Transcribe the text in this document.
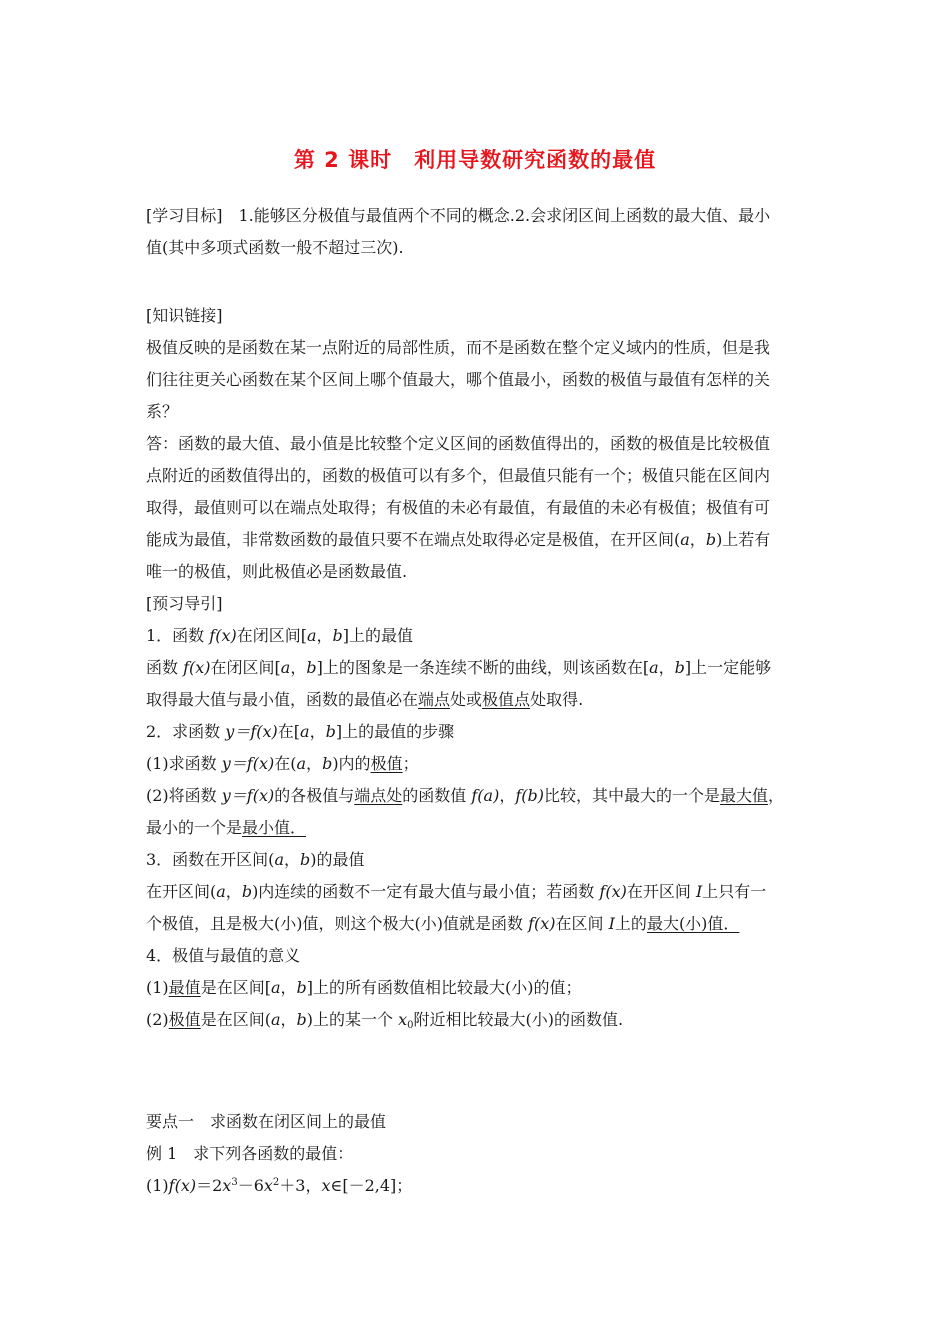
第 2 课时　利用导数研究函数的最值
[学习目标]　1.能够区分极值与最值两个不同的概念.2.会求闭区间上函数的最大值、最小
值(其中多项式函数一般不超过三次).
[知识链接]
极值反映的是函数在某一点附近的局部性质，而不是函数在整个定义域内的性质，但是我
们往往更关心函数在某个区间上哪个值最大，哪个值最小，函数的极值与最值有怎样的关
系？
答：函数的最大值、最小值是比较整个定义区间的函数值得出的，函数的极值是比较极值
点附近的函数值得出的，函数的极值可以有多个，但最值只能有一个；极值只能在区间内
取得，最值则可以在端点处取得；有极值的未必有最值，有最值的未必有极值；极值有可
能成为最值，非常数函数的最值只要不在端点处取得必定是极值，在开区间(a，b)上若有
唯一的极值，则此极值必是函数最值.
[预习导引]
1．函数 f(x)在闭区间[a，b]上的最值
函数 f(x)在闭区间[a，b]上的图象是一条连续不断的曲线，则该函数在[a，b]上一定能够
取得最大值与最小值，函数的最值必在端点处或极值点处取得.
2．求函数 y＝f(x)在[a，b]上的最值的步骤
(1)求函数 y＝f(x)在(a，b)内的极值；
(2)将函数 y＝f(x)的各极值与端点处的函数值 f(a)，f(b)比较，其中最大的一个是最大值，
最小的一个是最小值．
3．函数在开区间(a，b)的最值
在开区间(a，b)内连续的函数不一定有最大值与最小值；若函数 f(x)在开区间 I上只有一
个极值，且是极大(小)值，则这个极大(小)值就是函数 f(x)在区间 I上的最大(小)值．
4．极值与最值的意义
(1)最值是在区间[a，b]上的所有函数值相比较最大(小)的值；
(2)极值是在区间(a，b)上的某一个 $x_0$附近相比较最大(小)的函数值.
要点一　求函数在闭区间上的最值
例 1　求下列各函数的最值：
$(1)f(x)=2x^3-6x^2+3$，x∈[－2,4]；
